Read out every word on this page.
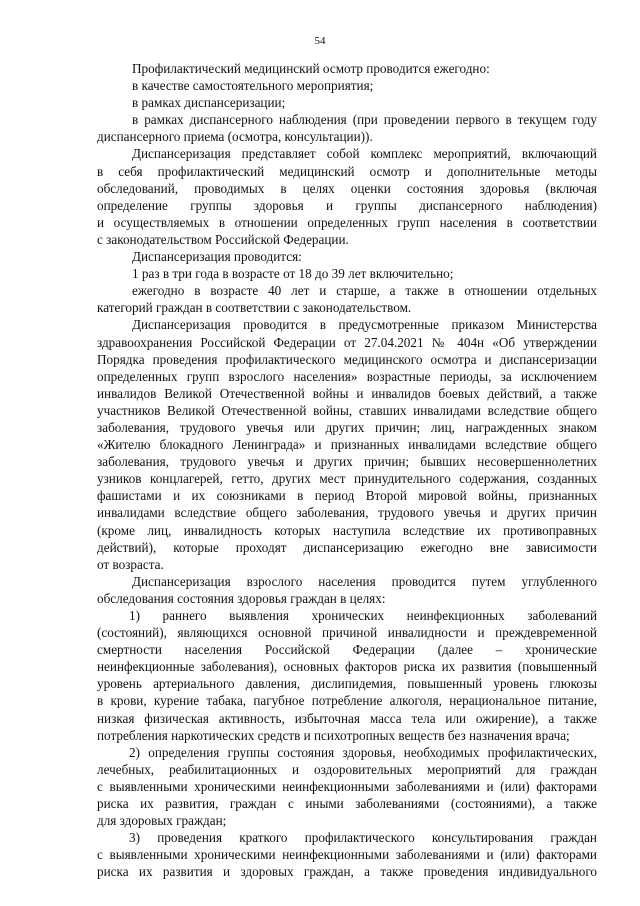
54
Профилактический медицинский осмотр проводится ежегодно:
в качестве самостоятельного мероприятия;
в рамках диспансеризации;
в рамках диспансерного наблюдения (при проведении первого в текущем году
диспансерного приема (осмотра, консультации)).
Диспансеризация представляет собой комплекс мероприятий, включающий
в себя профилактический медицинский осмотр и дополнительные методы
обследований, проводимых в целях оценки состояния здоровья (включая
определение группы здоровья и группы диспансерного наблюдения)
и осуществляемых в отношении определенных групп населения в соответствии
с законодательством Российской Федерации.
Диспансеризация проводится:
1 раз в три года в возрасте от 18 до 39 лет включительно;
ежегодно в возрасте 40 лет и старше, а также в отношении отдельных
категорий граждан в соответствии с законодательством.
Диспансеризация проводится в предусмотренные приказом Министерства
здравоохранения Российской Федерации от 27.04.2021 № 404н «Об утверждении
Порядка проведения профилактического медицинского осмотра и диспансеризации
определенных групп взрослого населения» возрастные периоды, за исключением
инвалидов Великой Отечественной войны и инвалидов боевых действий, а также
участников Великой Отечественной войны, ставших инвалидами вследствие общего
заболевания, трудового увечья или других причин; лиц, награжденных знаком
«Жителю блокадного Ленинграда» и признанных инвалидами вследствие общего
заболевания, трудового увечья и других причин; бывших несовершеннолетних
узников концлагерей, гетто, других мест принудительного содержания, созданных
фашистами и их союзниками в период Второй мировой войны, признанных
инвалидами вследствие общего заболевания, трудового увечья и других причин
(кроме лиц, инвалидность которых наступила вследствие их противоправных
действий), которые проходят диспансеризацию ежегодно вне зависимости
от возраста.
Диспансеризация взрослого населения проводится путем углубленного
обследования состояния здоровья граждан в целях:
1) раннего выявления хронических неинфекционных заболеваний
(состояний), являющихся основной причиной инвалидности и преждевременной
смертности населения Российской Федерации (далее – хронические
неинфекционные заболевания), основных факторов риска их развития (повышенный
уровень артериального давления, дислипидемия, повышенный уровень глюкозы
в крови, курение табака, пагубное потребление алкоголя, нерациональное питание,
низкая физическая активность, избыточная масса тела или ожирение), а также
потребления наркотических средств и психотропных веществ без назначения врача;
2) определения группы состояния здоровья, необходимых профилактических,
лечебных, реабилитационных и оздоровительных мероприятий для граждан
с выявленными хроническими неинфекционными заболеваниями и (или) факторами
риска их развития, граждан с иными заболеваниями (состояниями), а также
для здоровых граждан;
3) проведения краткого профилактического консультирования граждан
с выявленными хроническими неинфекционными заболеваниями и (или) факторами
риска их развития и здоровых граждан, а также проведения индивидуального
